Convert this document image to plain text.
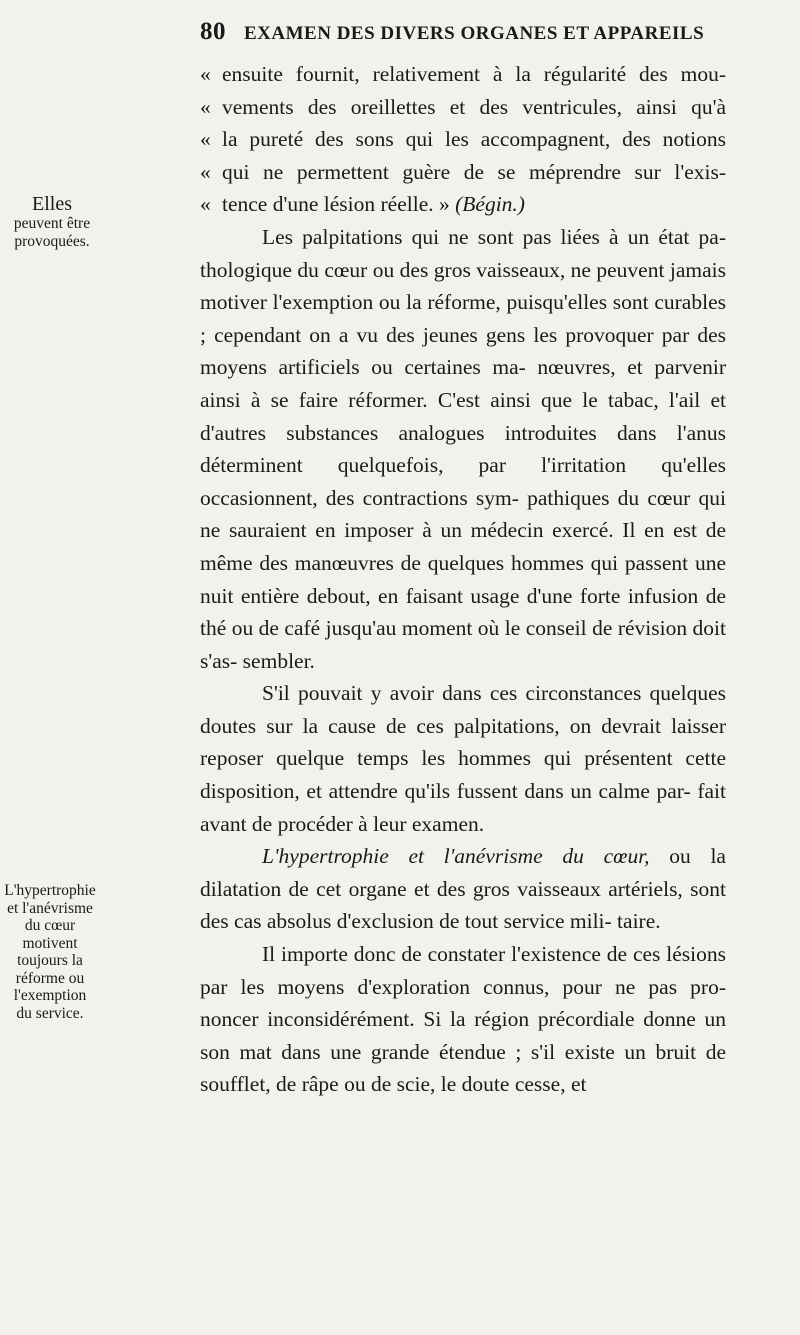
80 EXAMEN DES DIVERS ORGANES ET APPAREILS
Elles
peuvent être
provoquées.
L'hypertrophie
et l'anévrisme
du cœur
motivent
toujours la
réforme ou
l'exemption
du service.
« ensuite fournit, relativement à la régularité des mou-
« vements des oreillettes et des ventricules, ainsi qu'à
« la pureté des sons qui les accompagnent, des notions
« qui ne permettent guère de se méprendre sur l'exis-
« tence d'une lésion réelle. » (Bégin.)

Les palpitations qui ne sont pas liées à un état pa- thologique du cœur ou des gros vaisseaux, ne peuvent jamais motiver l'exemption ou la réforme, puisqu'elles sont curables ; cependant on a vu des jeunes gens les provoquer par des moyens artificiels ou certaines ma- nœuvres, et parvenir ainsi à se faire réformer. C'est ainsi que le tabac, l'ail et d'autres substances analogues introduites dans l'anus déterminent quelquefois, par l'irritation qu'elles occasionnent, des contractions sym- pathiques du cœur qui ne sauraient en imposer à un médecin exercé. Il en est de même des manœuvres de quelques hommes qui passent une nuit entière debout, en faisant usage d'une forte infusion de thé ou de café jusqu'au moment où le conseil de révision doit s'as- sembler.

S'il pouvait y avoir dans ces circonstances quelques doutes sur la cause de ces palpitations, on devrait laisser reposer quelque temps les hommes qui présentent cette disposition, et attendre qu'ils fussent dans un calme par- fait avant de procéder à leur examen.

L'hypertrophie et l'anévrisme du cœur, ou la dilatation de cet organe et des gros vaisseaux artériels, sont des cas absolus d'exclusion de tout service mili- taire.

Il importe donc de constater l'existence de ces lésions par les moyens d'exploration connus, pour ne pas pro- noncer inconsidérément. Si la région précordiale donne un son mat dans une grande étendue ; s'il existe un bruit de soufflet, de râpe ou de scie, le doute cesse, et
